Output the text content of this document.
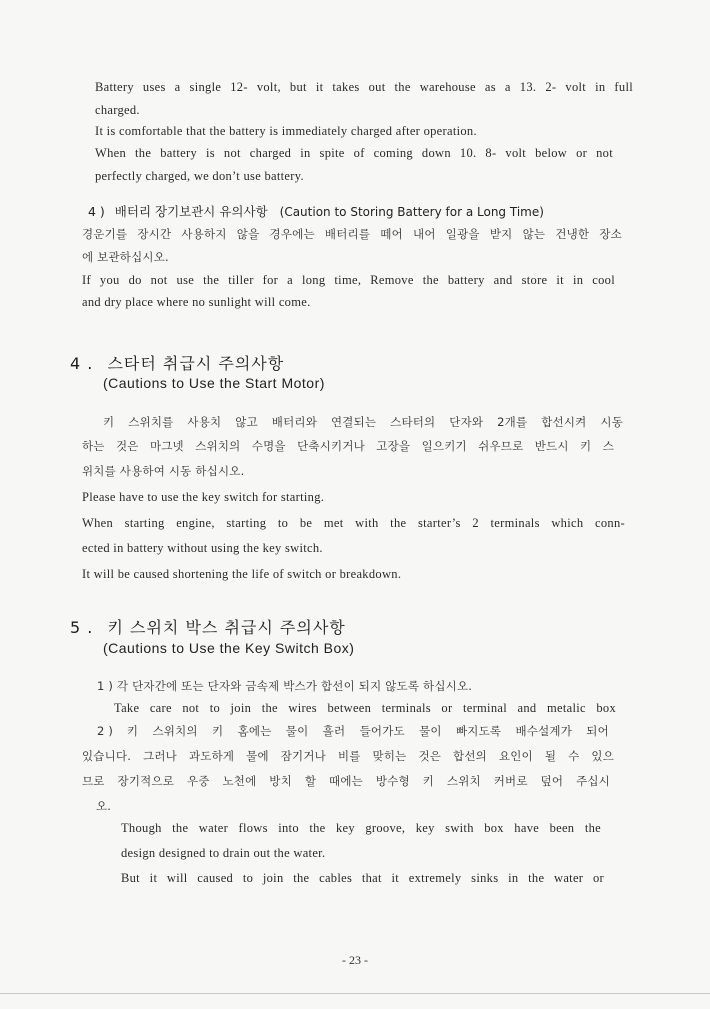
Battery uses a single 12- volt, but it takes out the warehouse as a 13. 2- volt in full
charged.
It is comfortable that the battery is immediately charged after operation.
When the battery is not charged in spite of coming down 10. 8- volt below or not
perfectly charged, we don’t use battery.
4 ) 배터리 장기보관시 유의사항 (Caution to Storing Battery for a Long Time)
경운기를 장시간 사용하지 않을 경우에는 배터리를 떼어 내어 일광을 받지 않는 건냉한 장소
에 보관하십시오.
If you do not use the tiller for a long time, Remove the battery and store it in cool
and dry place where no sunlight will come.
4 . 스타터 취급시 주의사항
(Cautions to Use the Start Motor)
키 스위치를 사용치 않고 배터리와 연결되는 스타터의 단자와 2개를 합선시켜 시동
하는 것은 마그넷 스위치의 수명을 단축시키거나 고장을 일으키기 쉬우므로 반드시 키 스
위치를 사용하여 시동 하십시오.
Please have to use the key switch for starting.
When starting engine, starting to be met with the starter’s 2 terminals which conn-
ected in battery without using the key switch.
It will be caused shortening the life of switch or breakdown.
5 . 키 스위치 박스 취급시 주의사항
(Cautions to Use the Key Switch Box)
1 ) 각 단자간에 또는 단자와 금속제 박스가 합선이 되지 않도록 하십시오.
Take care not to join the wires between terminals or terminal and metalic box
2 ) 키 스위치의 키 홈에는 물이 흘러 들어가도 물이 빠지도록 배수설계가 되어
있습니다. 그러나 과도하게 물에 잠기거나 비를 맞히는 것은 합선의 요인이 될 수 있으
므로 장기적으로 우중 노천에 방치 할 때에는 방수형 키 스위치 커버로 덮어 주십시
오.
Though the water flows into the key groove, key swith box have been the
design designed to drain out the water.
But it will caused to join the cables that it extremely sinks in the water or
- 23 -
